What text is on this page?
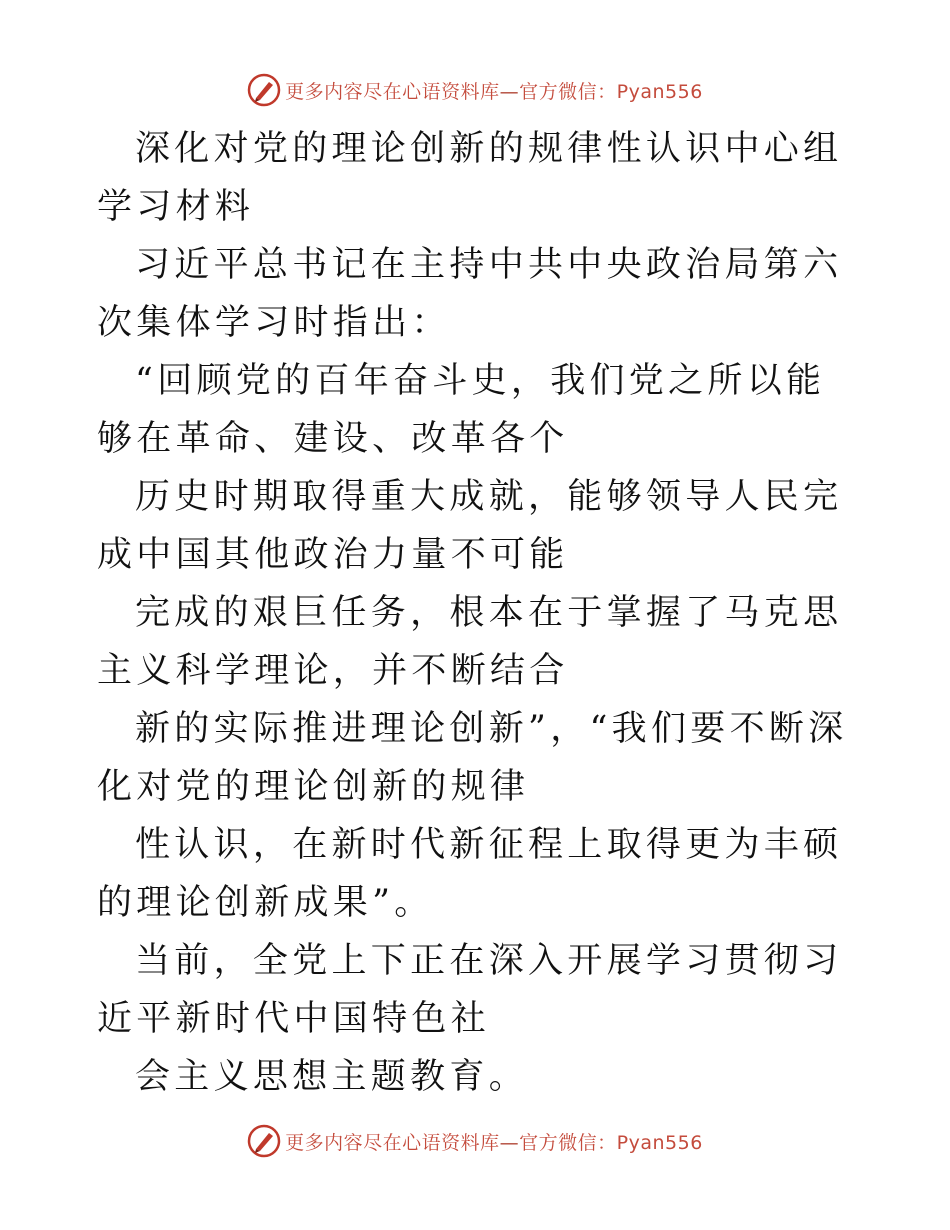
更多内容尽在心语资料库—官方微信：Pyan556

深化对党的理论创新的规律性认识中心组学习材料

习近平总书记在主持中共中央政治局第六次集体学习时指出：

“回顾党的百年奋斗史，我们党之所以能够在革命、建设、改革各个

历史时期取得重大成就，能够领导人民完成中国其他政治力量不可能

完成的艰巨任务，根本在于掌握了马克思主义科学理论，并不断结合

新的实际推进理论创新”，“我们要不断深化对党的理论创新的规律

性认识，在新时代新征程上取得更为丰硕的理论创新成果”。

当前，全党上下正在深入开展学习贯彻习近平新时代中国特色社

会主义思想主题教育。

更多内容尽在心语资料库—官方微信：Pyan556
